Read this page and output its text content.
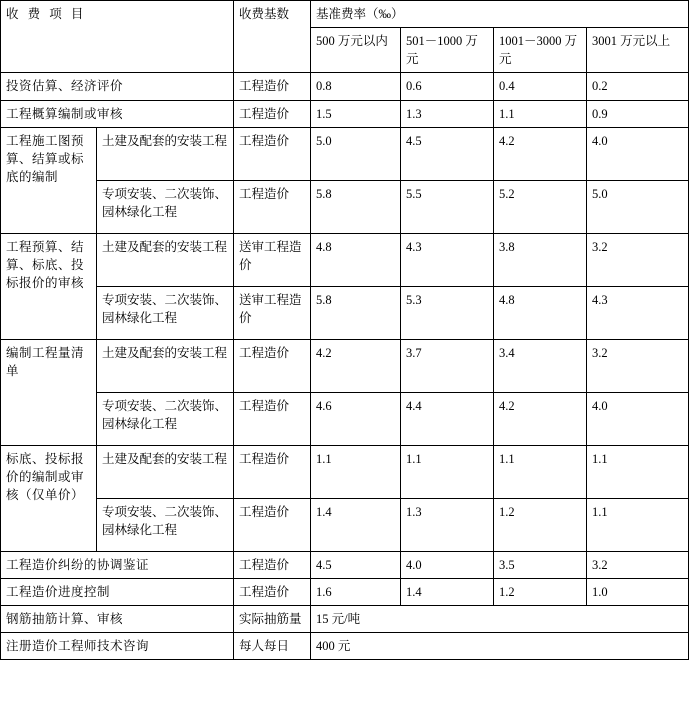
收 费 项 目		收费基数	基准费率（‰）			
			500 万元以内	501－1000 万元	1001－3000 万元	3001 万元以上
投资估算、经济评价		工程造价	0.8	0.6	0.4	0.2
工程概算编制或审核		工程造价	1.5	1.3	1.1	0.9
工程施工图预算、结算或标底的编制	土建及配套的安装工程	工程造价	5.0	4.5	4.2	4.0
	专项安装、二次装饰、园林绿化工程	工程造价	5.8	5.5	5.2	5.0
工程预算、结算、标底、投标报价的审核	土建及配套的安装工程	送审工程造价	4.8	4.3	3.8	3.2
	专项安装、二次装饰、园林绿化工程	送审工程造价	5.8	5.3	4.8	4.3
编制工程量清单	土建及配套的安装工程	工程造价	4.2	3.7	3.4	3.2
	专项安装、二次装饰、园林绿化工程	工程造价	4.6	4.4	4.2	4.0
标底、投标报价的编制或审核（仅单价）	土建及配套的安装工程	工程造价	1.1	1.1	1.1	1.1
	专项安装、二次装饰、园林绿化工程	工程造价	1.4	1.3	1.2	1.1
工程造价纠纷的协调鉴证		工程造价	4.5	4.0	3.5	3.2
工程造价进度控制		工程造价	1.6	1.4	1.2	1.0
钢筋抽筋计算、审核		实际抽筋量	15 元/吨			
注册造价工程师技术咨询		每人每日	400 元			
